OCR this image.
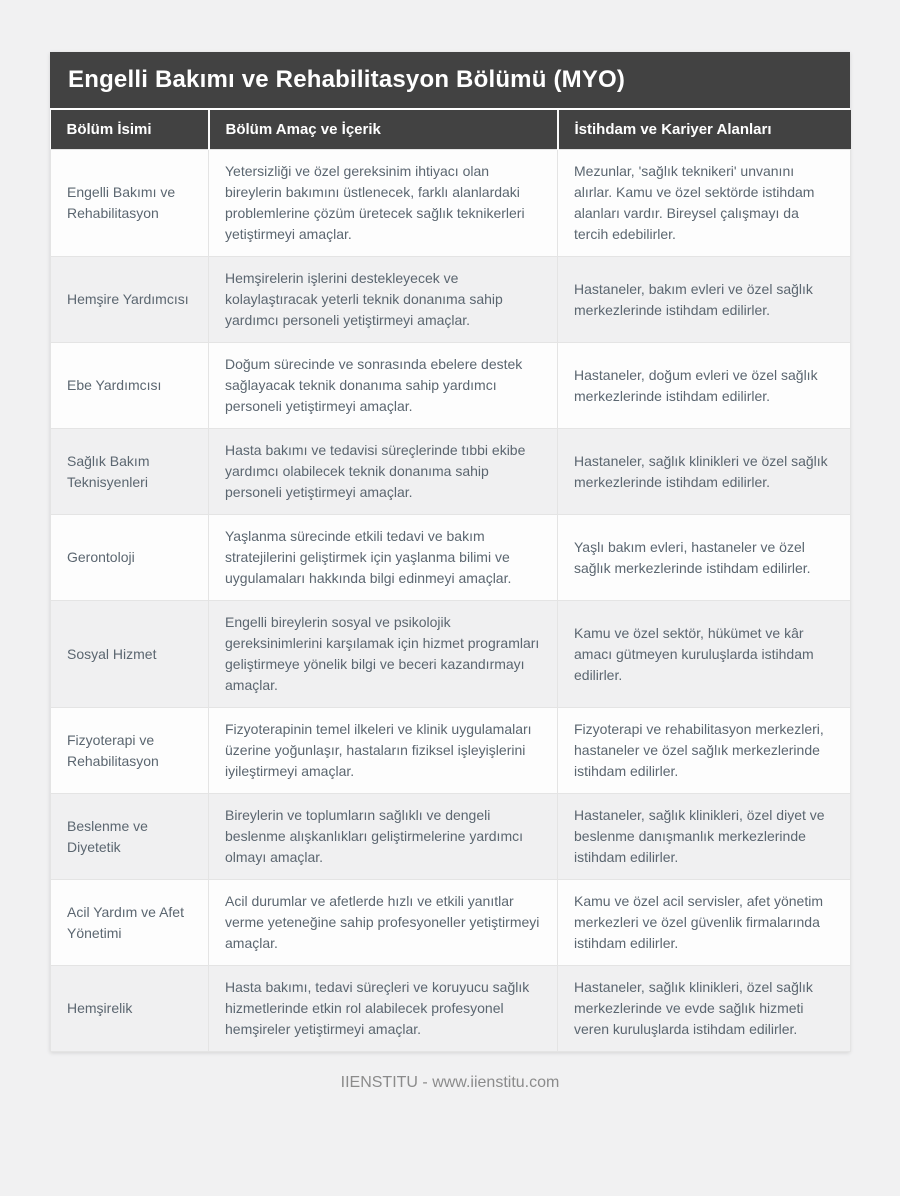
Engelli Bakımı ve Rehabilitasyon Bölümü (MYO)
Bölüm İsimi	Bölüm Amaç ve İçerik	İstihdam ve Kariyer Alanları
Engelli Bakımı ve Rehabilitasyon	Yetersizliği ve özel gereksinim ihtiyacı olan bireylerin bakımını üstlenecek, farklı alanlardaki problemlerine çözüm üretecek sağlık teknikerleri yetiştirmeyi amaçlar.	Mezunlar, 'sağlık teknikeri' unvanını alırlar. Kamu ve özel sektörde istihdam alanları vardır. Bireysel çalışmayı da tercih edebilirler.
Hemşire Yardımcısı	Hemşirelerin işlerini destekleyecek ve kolaylaştıracak yeterli teknik donanıma sahip yardımcı personeli yetiştirmeyi amaçlar.	Hastaneler, bakım evleri ve özel sağlık merkezlerinde istihdam edilirler.
Ebe Yardımcısı	Doğum sürecinde ve sonrasında ebelere destek sağlayacak teknik donanıma sahip yardımcı personeli yetiştirmeyi amaçlar.	Hastaneler, doğum evleri ve özel sağlık merkezlerinde istihdam edilirler.
Sağlık Bakım Teknisyenleri	Hasta bakımı ve tedavisi süreçlerinde tıbbi ekibe yardımcı olabilecek teknik donanıma sahip personeli yetiştirmeyi amaçlar.	Hastaneler, sağlık klinikleri ve özel sağlık merkezlerinde istihdam edilirler.
Gerontoloji	Yaşlanma sürecinde etkili tedavi ve bakım stratejilerini geliştirmek için yaşlanma bilimi ve uygulamaları hakkında bilgi edinmeyi amaçlar.	Yaşlı bakım evleri, hastaneler ve özel sağlık merkezlerinde istihdam edilirler.
Sosyal Hizmet	Engelli bireylerin sosyal ve psikolojik gereksinimlerini karşılamak için hizmet programları geliştirmeye yönelik bilgi ve beceri kazandırmayı amaçlar.	Kamu ve özel sektör, hükümet ve kâr amacı gütmeyen kuruluşlarda istihdam edilirler.
Fizyoterapi ve Rehabilitasyon	Fizyoterapinin temel ilkeleri ve klinik uygulamaları üzerine yoğunlaşır, hastaların fiziksel işleyişlerini iyileştirmeyi amaçlar.	Fizyoterapi ve rehabilitasyon merkezleri, hastaneler ve özel sağlık merkezlerinde istihdam edilirler.
Beslenme ve Diyetetik	Bireylerin ve toplumların sağlıklı ve dengeli beslenme alışkanlıkları geliştirmelerine yardımcı olmayı amaçlar.	Hastaneler, sağlık klinikleri, özel diyet ve beslenme danışmanlık merkezlerinde istihdam edilirler.
Acil Yardım ve Afet Yönetimi	Acil durumlar ve afetlerde hızlı ve etkili yanıtlar verme yeteneğine sahip profesyoneller yetiştirmeyi amaçlar.	Kamu ve özel acil servisler, afet yönetim merkezleri ve özel güvenlik firmalarında istihdam edilirler.
Hemşirelik	Hasta bakımı, tedavi süreçleri ve koruyucu sağlık hizmetlerinde etkin rol alabilecek profesyonel hemşireler yetiştirmeyi amaçlar.	Hastaneler, sağlık klinikleri, özel sağlık merkezlerinde ve evde sağlık hizmeti veren kuruluşlarda istihdam edilirler.
IIENSTITU - www.iienstitu.com
